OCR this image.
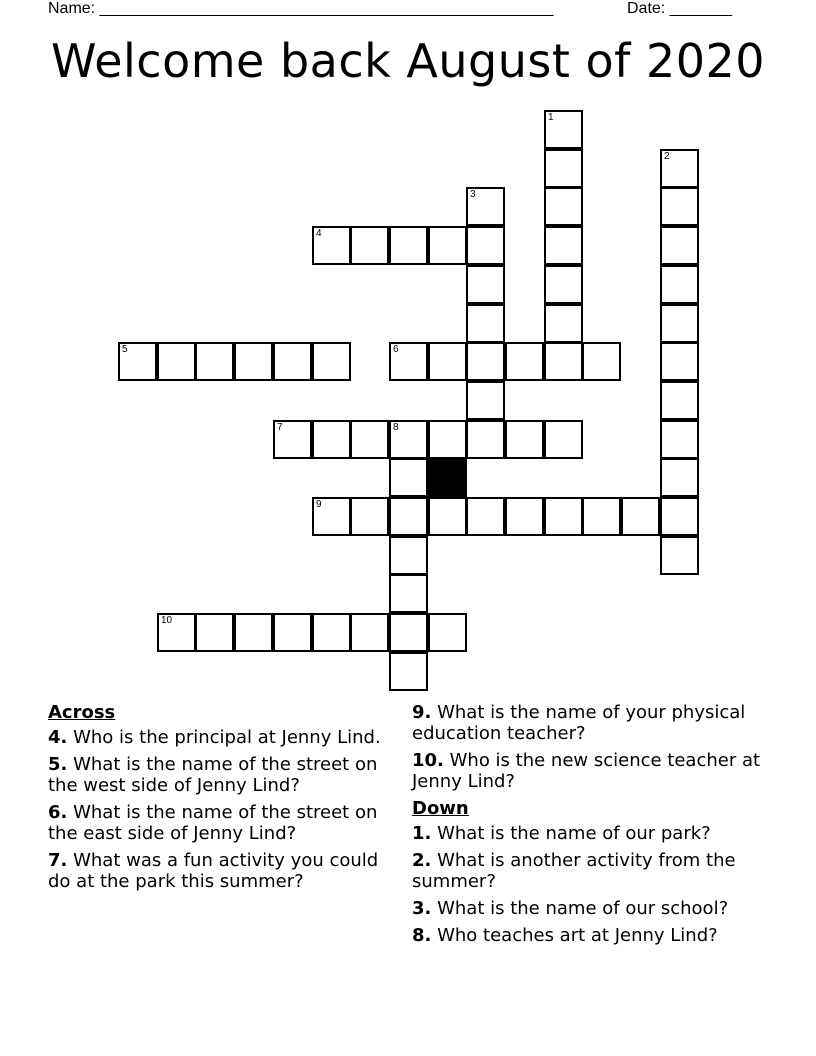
Name: ___________________________________________________	Date: _______
Welcome back August of 2020
1
2
3
4
5	6
7	8
9
10
Across
4. Who is the principal at Jenny Lind.
5. What is the name of the street on the west side of Jenny Lind?
6. What is the name of the street on the east side of Jenny Lind?
7. What was a fun activity you could do at the park this summer?
9. What is the name of your physical education teacher?
10. Who is the new science teacher at Jenny Lind?
Down
1. What is the name of our park?
2. What is another activity from the summer?
3. What is the name of our school?
8. Who teaches art at Jenny Lind?
